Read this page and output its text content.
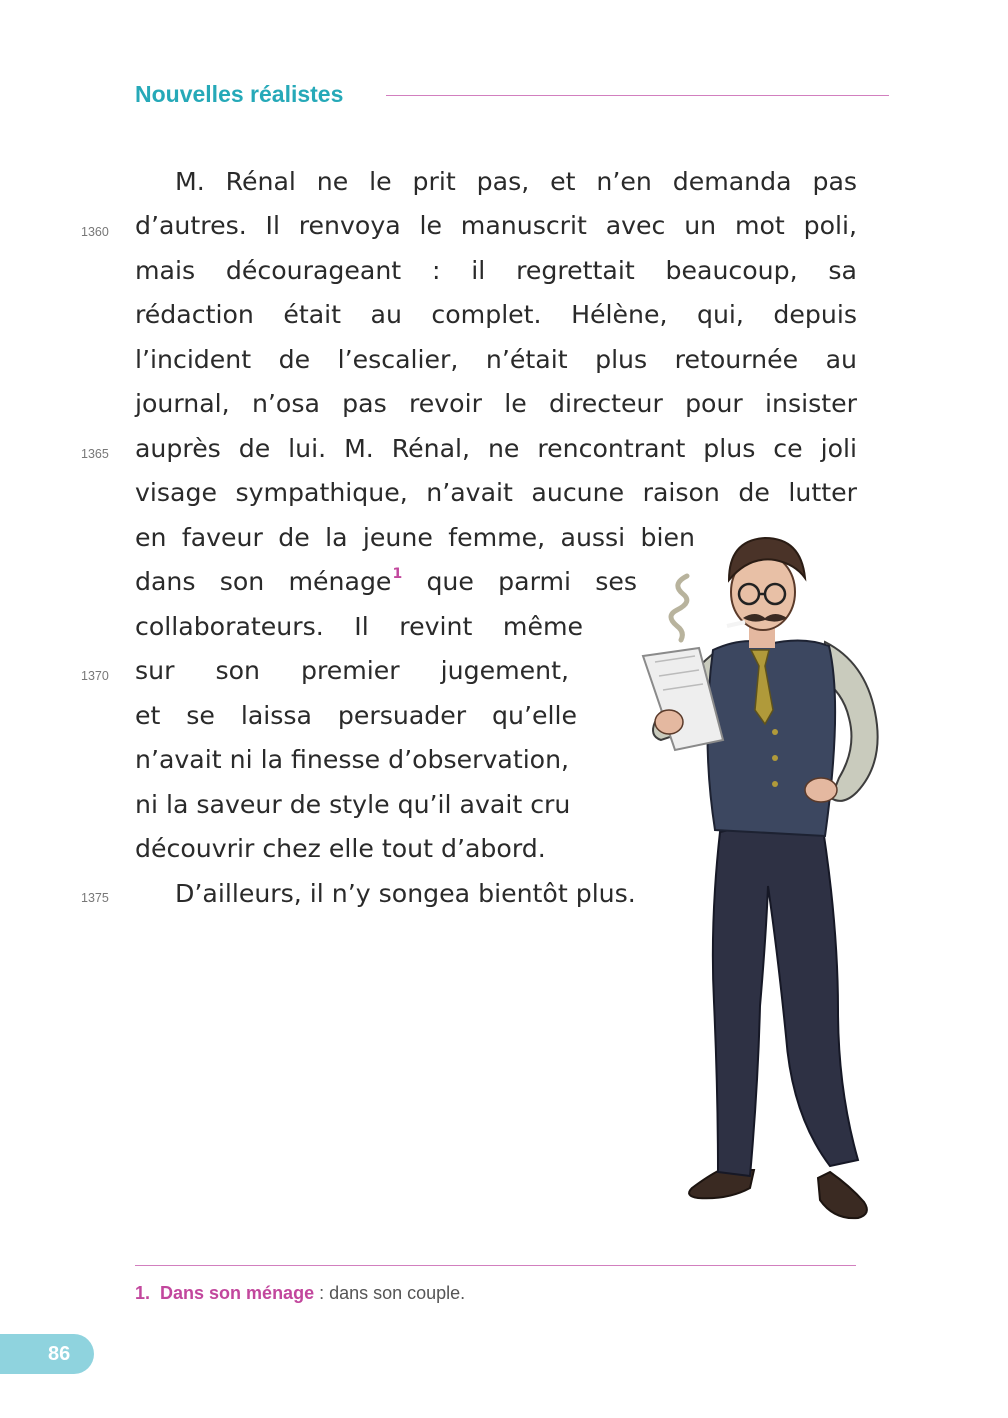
Nouvelles réalistes
M. Rénal ne le prit pas, et n’en demanda pas
d’autres. Il renvoya le manuscrit avec un mot poli,
mais décourageant : il regrettait beaucoup, sa
rédaction était au complet. Hélène, qui, depuis
l’incident de l’escalier, n’était plus retournée au
journal, n’osa pas revoir le directeur pour insister
auprès de lui. M. Rénal, ne rencontrant plus ce joli
visage sympathique, n’avait aucune raison de lutter
en faveur de la jeune femme, aussi bien
dans son ménage$^1$ que parmi ses
collaborateurs. Il revint même
sur son premier jugement,
et se laissa persuader qu’elle
n’avait ni la finesse d’observation,
ni la saveur de style qu’il avait cru
découvrir chez elle tout d’abord.
D’ailleurs, il n’y songea bientôt plus.
1360
1365
1370
1375
1. Dans son ménage : dans son couple.
86
